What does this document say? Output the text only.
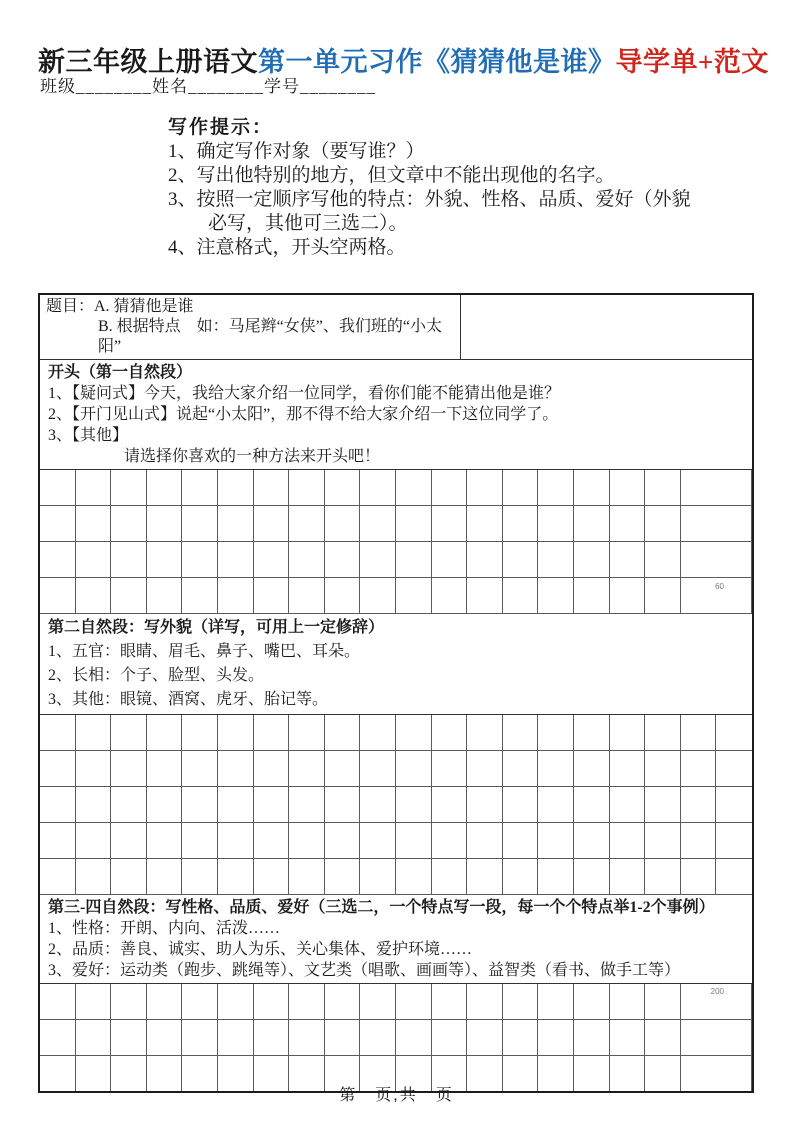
新三年级上册语文第一单元习作《猜猜他是谁》导学单+范文
班级________姓名________学号________
写作提示：
1、确定写作对象（要写谁？）
2、写出他特别的地方，但文章中不能出现他的名字。
3、按照一定顺序写他的特点：外貌、性格、品质、爱好（外貌
必写，其他可三选二）。
4、注意格式，开头空两格。
题目：A. 猜猜他是谁
B. 根据特点　如：马尾辫“女侠”、我们班的“小太阳”
开头（第一自然段）
1、【疑问式】今天，我给大家介绍一位同学，看你们能不能猜出他是谁？
2、【开门见山式】说起“小太阳”，那不得不给大家介绍一下这位同学了。
3、【其他】
请选择你喜欢的一种方法来开头吧！
60
第二自然段：写外貌（详写，可用上一定修辞）
1、五官：眼睛、眉毛、鼻子、嘴巴、耳朵。
2、长相：个子、脸型、头发。
3、其他：眼镜、酒窝、虎牙、胎记等。
第三-四自然段：写性格、品质、爱好（三选二，一个特点写一段，每一个个特点举1-2个事例）
1、性格：开朗、内向、活泼……
2、品质：善良、诚实、助人为乐、关心集体、爱护环境……
3、爱好：运动类（跑步、跳绳等）、文艺类（唱歌、画画等）、益智类（看书、做手工等）
200
第　页,共　页
